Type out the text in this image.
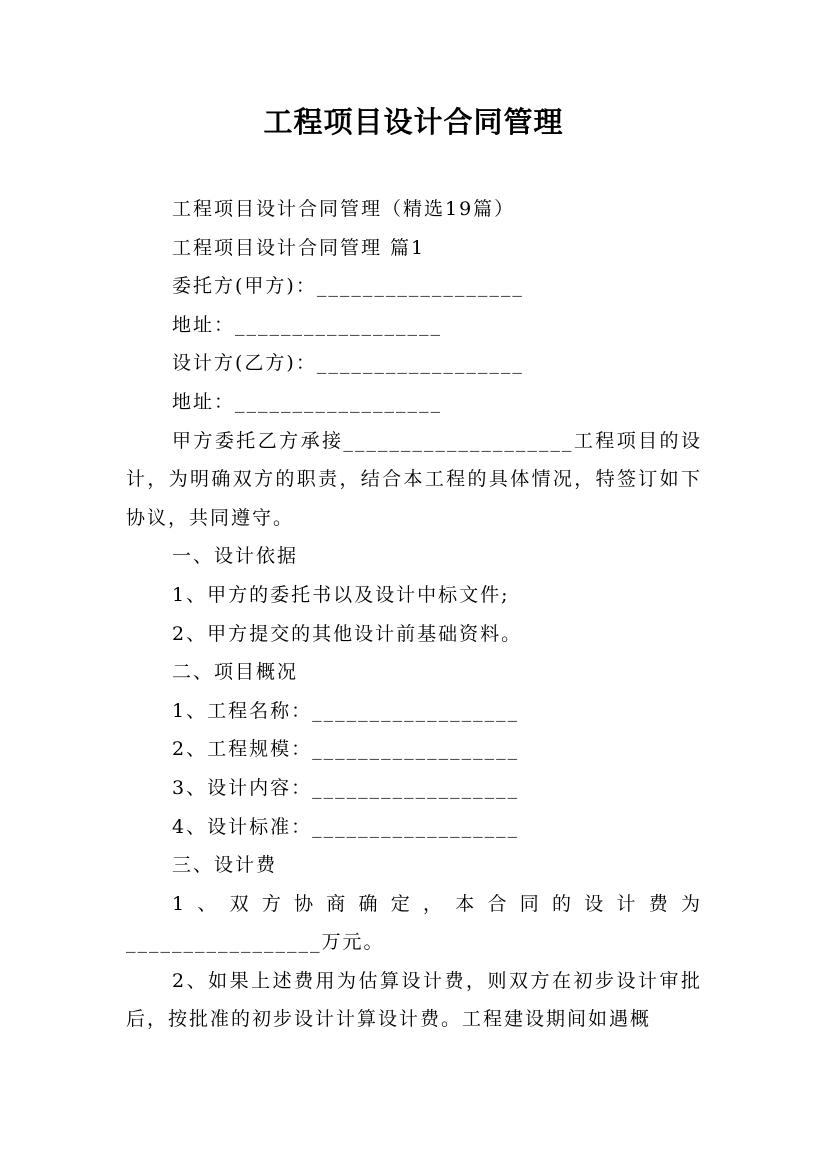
工程项目设计合同管理

工程项目设计合同管理（精选19篇）

工程项目设计合同管理 篇1

委托方(甲方)：__________________

地址：__________________

设计方(乙方)：__________________

地址：__________________

甲方委托乙方承接____________________工程项目的设计，为明确双方的职责，结合本工程的具体情况，特签订如下协议，共同遵守。

一、设计依据

1、甲方的委托书以及设计中标文件;

2、甲方提交的其他设计前基础资料。

二、项目概况

1、工程名称：__________________

2、工程规模：__________________

3、设计内容：__________________

4、设计标准：__________________

三、设计费

1、双方协商确定，本合同的设计费为_________________万元。

2、如果上述费用为估算设计费，则双方在初步设计审批后，按批准的初步设计计算设计费。工程建设期间如遇概
